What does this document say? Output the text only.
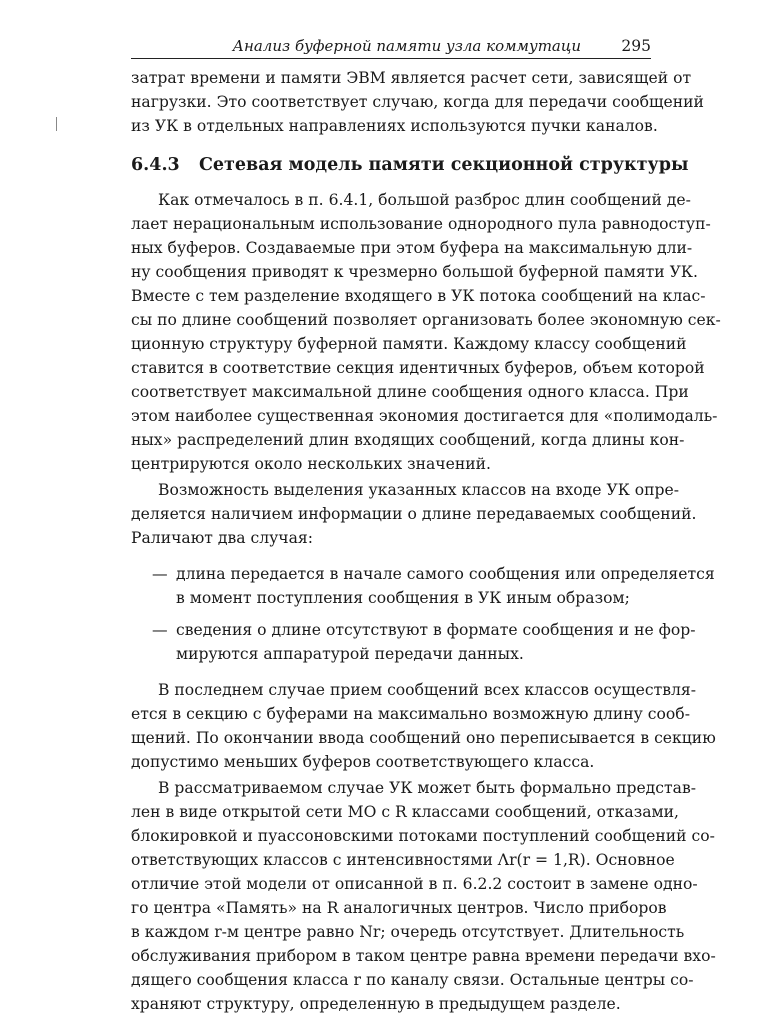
Анализ буферной памяти узла коммутаци	295
затрат времени и памяти ЭВМ является расчет сети, зависящей от
нагрузки. Это соответствует случаю, когда для передачи сообщений
из УК в отдельных направлениях используются пучки каналов.
6.4.3 Сетевая модель памяти секционной структуры
Как отмечалось в п. 6.4.1, большой разброс длин сообщений де-
лает нерациональным использование однородного пула равнодоступ-
ных буферов. Создаваемые при этом буфера на максимальную дли-
ну сообщения приводят к чрезмерно большой буферной памяти УК.
Вместе с тем разделение входящего в УК потока сообщений на клас-
сы по длине сообщений позволяет организовать более экономную сек-
ционную структуру буферной памяти. Каждому классу сообщений
ставится в соответствие секция идентичных буферов, объем которой
соответствует максимальной длине сообщения одного класса. При
этом наиболее существенная экономия достигается для «полимодаль-
ных» распределений длин входящих сообщений, когда длины кон-
центрируются около нескольких значений.
Возможность выделения указанных классов на входе УК опре-
деляется наличием информации о длине передаваемых сообщений.
Раличают два случая:
— длина передается в начале самого сообщения или определяется
в момент поступления сообщения в УК иным образом;
— сведения о длине отсутствуют в формате сообщения и не фор-
мируются аппаратурой передачи данных.
В последнем случае прием сообщений всех классов осуществля-
ется в секцию с буферами на максимально возможную длину сооб-
щений. По окончании ввода сообщений оно переписывается в секцию
допустимо меньших буферов соответствующего класса.
В рассматриваемом случае УК может быть формально представ-
лен в виде открытой сети МО с R классами сообщений, отказами,
блокировкой и пуассоновскими потоками поступлений сообщений со-
ответствующих классов с интенсивностями Λr(r = 1,R). Основное
отличие этой модели от описанной в п. 6.2.2 состоит в замене одно-
го центра «Память» на R аналогичных центров. Число приборов
в каждом r-м центре равно Nr; очередь отсутствует. Длительность
обслуживания прибором в таком центре равна времени передачи вхо-
дящего сообщения класса r по каналу связи. Остальные центры со-
храняют структуру, определенную в предыдущем разделе.
